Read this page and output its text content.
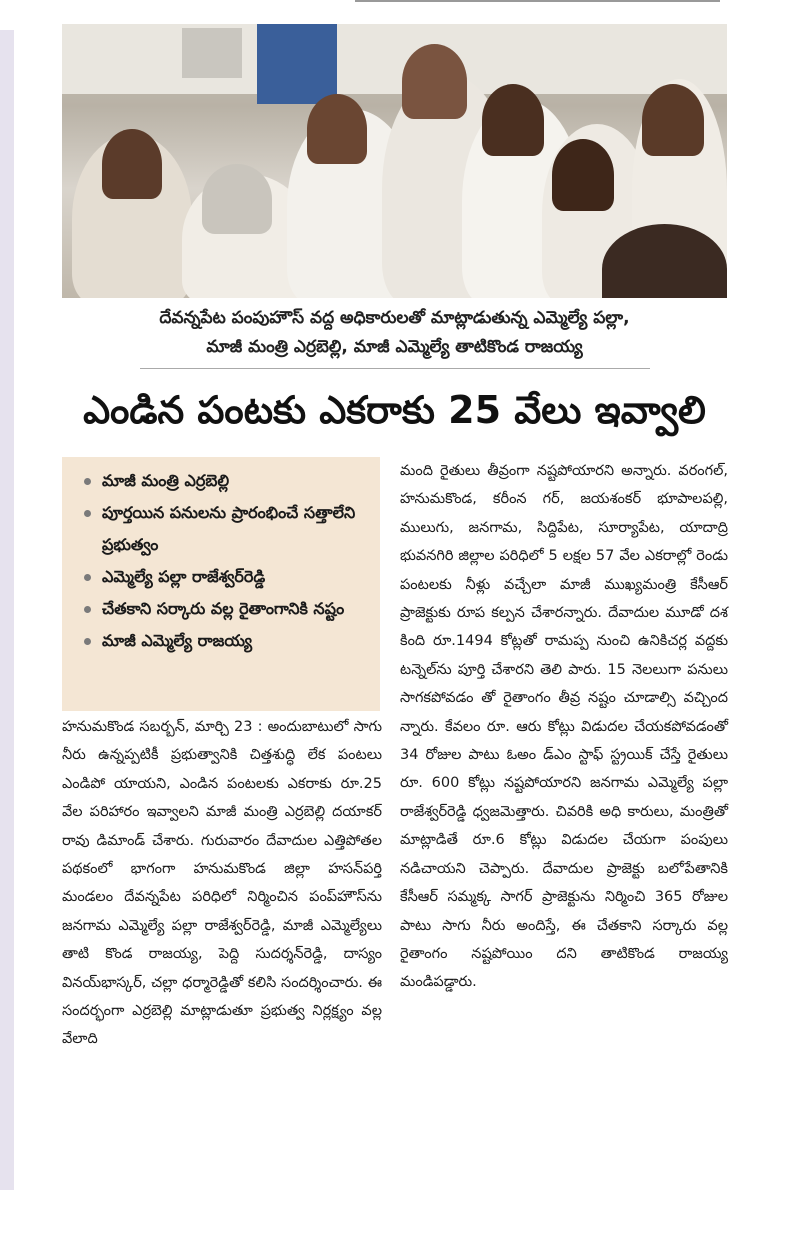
దేవన్నపేట పంపుహౌస్ వద్ద అధికారులతో మాట్లాడుతున్న ఎమ్మెల్యే పల్లా,
మాజీ మంత్రి ఎర్రబెల్లి, మాజీ ఎమ్మెల్యే తాటికొండ రాజయ్య
ఎండిన పంటకు ఎకరాకు 25 వేలు ఇవ్వాలి
మాజీ మంత్రి ఎర్రబెల్లి
పూర్తయిన పనులను ప్రారంభించే సత్తాలేని ప్రభుత్వం
ఎమ్మెల్యే పల్లా రాజేశ్వర్‌రెడ్డి
చేతకాని సర్కారు వల్ల రైతాంగానికి నష్టం
మాజీ ఎమ్మెల్యే రాజయ్య

హనుమకొండ సబర్బన్, మార్చి 23 : అందుబాటులో సాగు నీరు ఉన్నప్పటికీ ప్రభుత్వానికి చిత్తశుద్ధి లేక పంటలు ఎండిపో యాయని, ఎండిన పంటలకు ఎకరాకు రూ.25 వేల పరిహారం ఇవ్వాలని మాజీ మంత్రి ఎర్రబెల్లి దయాకర్ రావు డిమాండ్ చేశారు. గురువారం దేవాదుల ఎత్తిపోతల పథకంలో భాగంగా హనుమకొండ జిల్లా హసన్‌పర్తి మండలం దేవన్నపేట పరిధిలో నిర్మించిన పంప్‌హౌస్‌ను జనగామ ఎమ్మెల్యే పల్లా రాజేశ్వర్‌రెడ్డి, మాజీ ఎమ్మెల్యేలు తాటి కొండ రాజయ్య, పెద్ది సుదర్శన్‌రెడ్డి, దాస్యం వినయ్‌భాస్కర్, చల్లా ధర్మారెడ్డితో కలిసి సందర్శించారు. ఈ సందర్భంగా ఎర్రబెల్లి మాట్లాడుతూ ప్రభుత్వ నిర్లక్ష్యం వల్ల వేలాది

మంది రైతులు తీవ్రంగా నష్టపోయారని అన్నారు. వరంగల్, హనుమకొండ, కరీంన గర్, జయశంకర్ భూపాలపల్లి, ములుగు, జనగామ, సిద్దిపేట, సూర్యాపేట, యాదాద్రి భువనగిరి జిల్లాల పరిధిలో 5 లక్షల 57 వేల ఎకరాల్లో రెండు పంటలకు నీళ్లు వచ్చేలా మాజీ ముఖ్యమంత్రి కేసీఆర్ ప్రాజెక్టుకు రూప కల్పన చేశారన్నారు. దేవాదుల మూడో దశ కింది రూ.1494 కోట్లతో రామప్ప నుంచి ఉనికిచర్ల వద్దకు టన్నెల్‌ను పూర్తి చేశారని తెలి పారు. 15 నెలలుగా పనులు సాగకపోవడం తో రైతాంగం తీవ్ర నష్టం చూడాల్సి వచ్చింద న్నారు. కేవలం రూ. ఆరు కోట్లు విడుదల చేయకపోవడంతో 34 రోజుల పాటు ఓఅం డ్‌ఎం స్టాఫ్ స్ట్రయిక్ చేస్తే రైతులు రూ. 600 కోట్లు నష్టపోయారని జనగామ ఎమ్మెల్యే పల్లా రాజేశ్వర్‌రెడ్డి ధ్వజమెత్తారు. చివరికి అధి కారులు, మంత్రితో మాట్లాడితే రూ.6 కోట్లు విడుదల చేయగా పంపులు నడిచాయని చెప్పారు. దేవాదుల ప్రాజెక్టు బలోపేతానికి కేసీఆర్ సమ్మక్క సాగర్ ప్రాజెక్టును నిర్మించి 365 రోజుల పాటు సాగు నీరు అందిస్తే, ఈ చేతకాని సర్కారు వల్ల రైతాంగం నష్టపోయిం దని తాటికొండ రాజయ్య మండిపడ్డారు.
